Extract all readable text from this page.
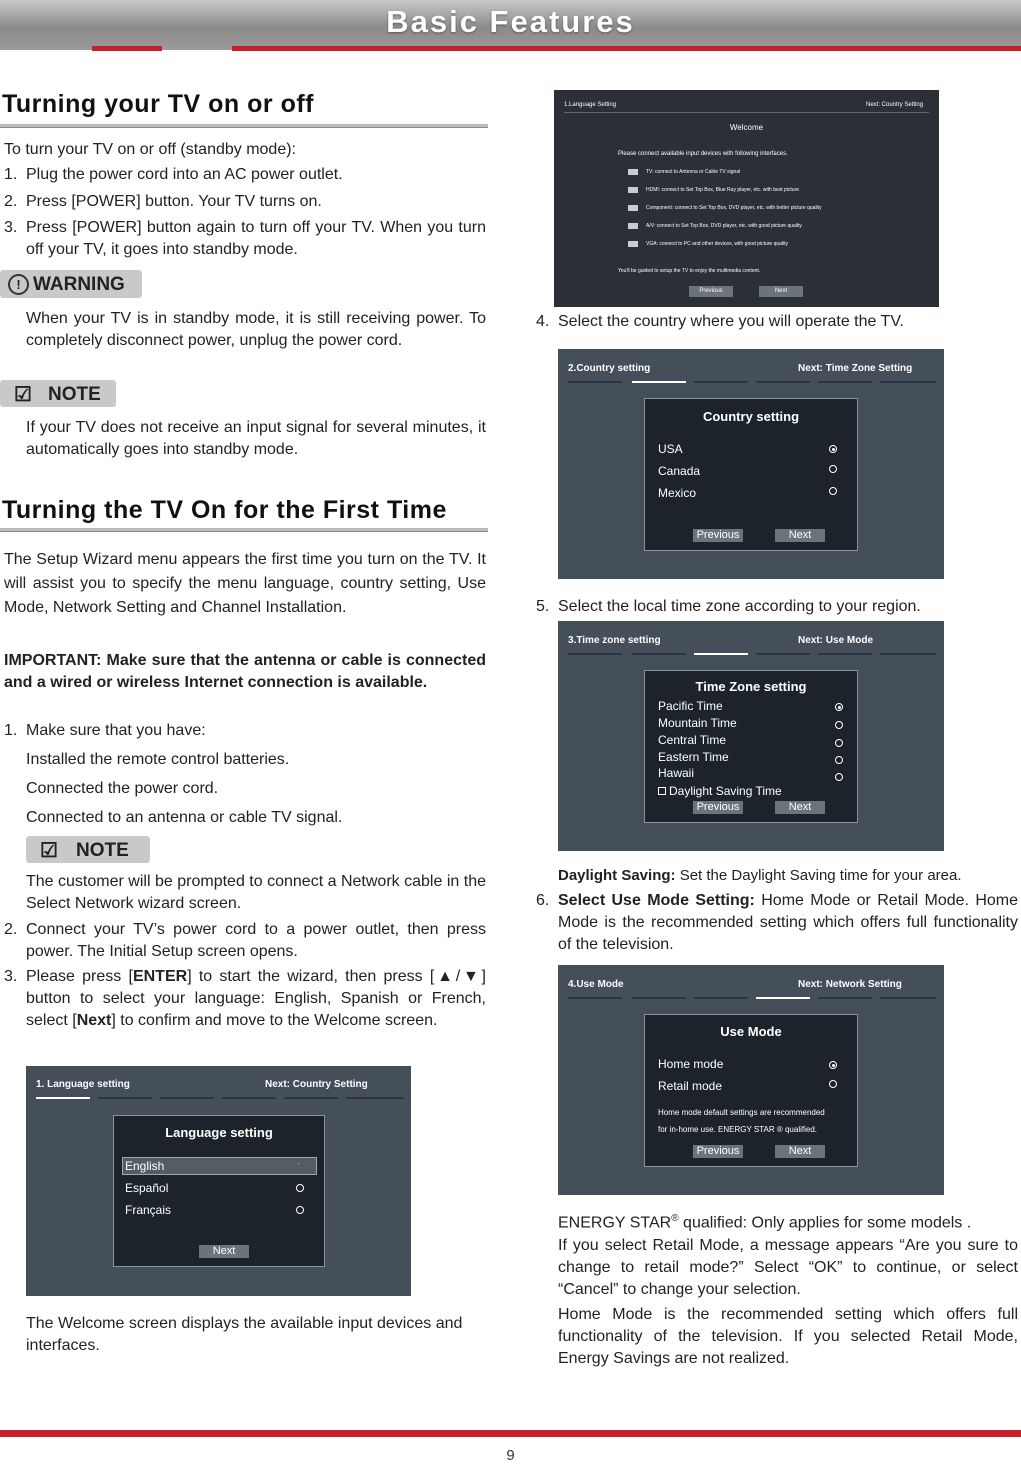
Basic Features
Turning your TV on or off
To turn your TV on or off (standby mode):
1. Plug the power cord into an AC power outlet.
2. Press [POWER] button. Your TV turns on.
3. Press [POWER] button again to turn off your TV. When you turn off your TV, it goes into standby mode.
! WARNING
When your TV is in standby mode, it is still receiving power. To completely disconnect power, unplug the power cord.
☑ NOTE
If your TV does not receive an input signal for several minutes, it automatically goes into standby mode.
Turning the TV On for the First Time
The Setup Wizard menu appears the first time you turn on the TV. It will assist you to specify the menu language, country setting, Use Mode, Network Setting and Channel Installation.
IMPORTANT: Make sure that the antenna or cable is connected and a wired or wireless Internet connection is available.
1. Make sure that you have:
Installed the remote control batteries.
Connected the power cord.
Connected to an antenna or cable TV signal.
☑ NOTE
The customer will be prompted to connect a Network cable in the Select Network wizard screen.
2. Connect your TV’s power cord to a power outlet, then press power. The Initial Setup screen opens.
3. Please press [ENTER] to start the wizard, then press [▲/▼] button to select your language: English, Spanish or French, select [Next] to confirm and move to the Welcome screen.
1. Language setting	Next: Country Setting
Language setting
English	·
Español
Français
Next
The Welcome screen displays the available input devices and interfaces.
1.Language Setting	Next: Country Setting
Welcome
Please connect available input devices with following interfaces.
TV: connect to Antenna or Cable TV signal
HDMI: connect to Set Top Box, Blue Ray player, etc. with best picture
Component: connect to Set Top Box, DVD player, etc. with better picture quality
A/V: connect to Set Top Box, DVD player, etc. with good picture quality
VGA: connect to PC and other devices, with good picture quality
You'll be guided to setup the TV to enjoy the multimedia content.
Previous	Next
4. Select the country where you will operate the TV.
2.Country setting	Next: Time Zone Setting
Country setting
USA
Canada
Mexico
Previous	Next
5. Select the local time zone according to your region.
3.Time zone setting	Next: Use Mode
Time Zone setting
Pacific Time
Mountain Time
Central Time
Eastern Time
Hawaii
Daylight Saving Time
Previous	Next
Daylight Saving: Set the Daylight Saving time for your area.
6. Select Use Mode Setting: Home Mode or Retail Mode. Home Mode is the recommended setting which offers full functionality of the television.
4.Use Mode	Next: Network Setting
Use Mode
Home mode
Retail mode
Home mode default settings are recommended
for in-home use. ENERGY STAR ® qualified.
Previous	Next
ENERGY STAR® qualified: Only applies for some models .
If you select Retail Mode, a message appears “Are you sure to change to retail mode?” Select “OK” to continue, or select “Cancel” to change your selection.
Home Mode is the recommended setting which offers full functionality of the television. If you selected Retail Mode, Energy Savings are not realized.
9
